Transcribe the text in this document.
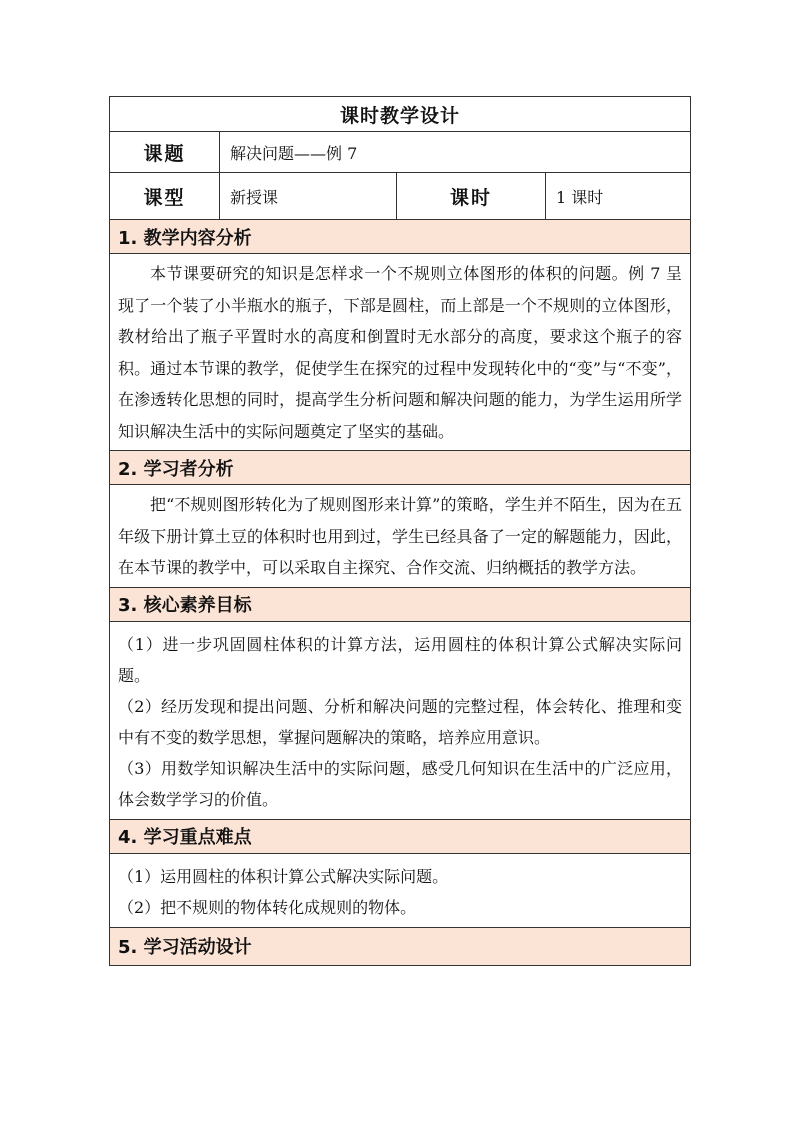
课时教学设计
课题	解决问题——例 7
课型	新授课	课时	1 课时
1. 教学内容分析
本节课要研究的知识是怎样求一个不规则立体图形的体积的问题。例 7 呈现了一个装了小半瓶水的瓶子，下部是圆柱，而上部是一个不规则的立体图形，教材给出了瓶子平置时水的高度和倒置时无水部分的高度，要求这个瓶子的容积。通过本节课的教学，促使学生在探究的过程中发现转化中的“变”与“不变”，在渗透转化思想的同时，提高学生分析问题和解决问题的能力，为学生运用所学知识解决生活中的实际问题奠定了坚实的基础。
2. 学习者分析
把“不规则图形转化为了规则图形来计算”的策略，学生并不陌生，因为在五年级下册计算土豆的体积时也用到过，学生已经具备了一定的解题能力，因此，在本节课的教学中，可以采取自主探究、合作交流、归纳概括的教学方法。
3. 核心素养目标

（1）进一步巩固圆柱体积的计算方法，运用圆柱的体积计算公式解决实际问题。

（2）经历发现和提出问题、分析和解决问题的完整过程，体会转化、推理和变中有不变的数学思想，掌握问题解决的策略，培养应用意识。

（3）用数学知识解决生活中的实际问题，感受几何知识在生活中的广泛应用，体会数学学习的价值。

4. 学习重点难点

（1）运用圆柱的体积计算公式解决实际问题。

（2）把不规则的物体转化成规则的物体。

5. 学习活动设计
